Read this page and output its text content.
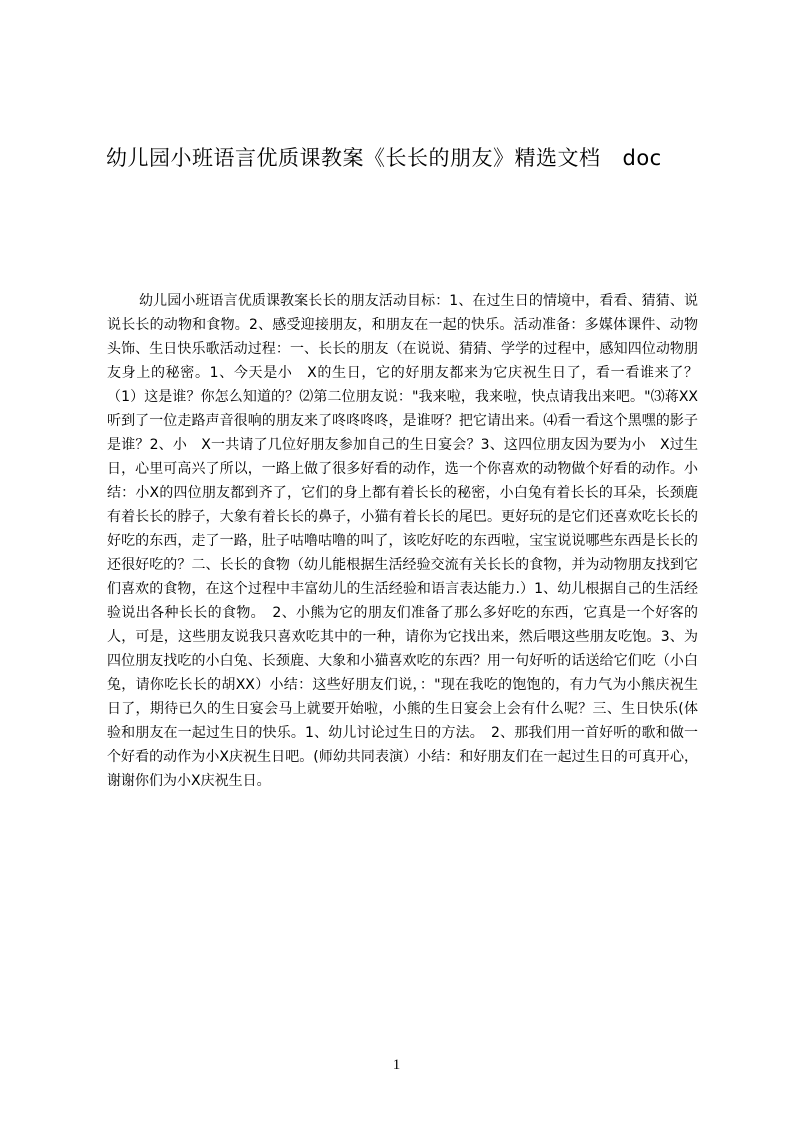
幼儿园小班语言优质课教案《长长的朋友》精选文档 doc

幼儿园小班语言优质课教案长长的朋友活动目标：1、在过生日的情境中，看看、猜猜、说说长长的动物和食物。2、感受迎接朋友，和朋友在一起的快乐。活动准备：多媒体课件、动物头饰、生日快乐歌活动过程：一、长长的朋友（在说说、猜猜、学学的过程中，感知四位动物朋友身上的秘密。1、今天是小　X的生日，它的好朋友都来为它庆祝生日了，看一看谁来了？（1）这是谁？你怎么知道的？⑵第二位朋友说："我来啦，我来啦，快点请我出来吧。"⑶蒋XX听到了一位走路声音很响的朋友来了咚咚咚咚，是谁呀？把它请出来。⑷看一看这个黑嘿的影子是谁？2、小　X一共请了几位好朋友参加自己的生日宴会？3、这四位朋友因为要为小　X过生日，心里可高兴了所以，一路上做了很多好看的动作，选一个你喜欢的动物做个好看的动作。小结：小X的四位朋友都到齐了，它们的身上都有着长长的秘密，小白兔有着长长的耳朵，长颈鹿有着长长的脖子，大象有着长长的鼻子，小猫有着长长的尾巴。更好玩的是它们还喜欢吃长长的好吃的东西，走了一路，肚子咕噜咕噜的叫了，该吃好吃的东西啦，宝宝说说哪些东西是长长的还很好吃的？二、长长的食物（幼儿能根据生活经验交流有关长长的食物，并为动物朋友找到它们喜欢的食物，在这个过程中丰富幼儿的生活经验和语言表达能力.）1、幼儿根据自己的生活经验说出各种长长的食物。　2、小熊为它的朋友们准备了那么多好吃的东西，它真是一个好客的人，可是，这些朋友说我只喜欢吃其中的一种，请你为它找出来，然后喂这些朋友吃饱。3、为四位朋友找吃的小白兔、长颈鹿、大象和小猫喜欢吃的东西？用一句好听的话送给它们吃（小白兔，请你吃长长的胡XX）小结：这些好朋友们说，："现在我吃的饱饱的，有力气为小熊庆祝生日了，期待已久的生日宴会马上就要开始啦，小熊的生日宴会上会有什么呢？三、生日快乐(体验和朋友在一起过生日的快乐。1、幼儿讨论过生日的方法。　2、那我们用一首好听的歌和做一个好看的动作为小X庆祝生日吧。(师幼共同表演）小结：和好朋友们在一起过生日的可真开心，谢谢你们为小X庆祝生日。

1
